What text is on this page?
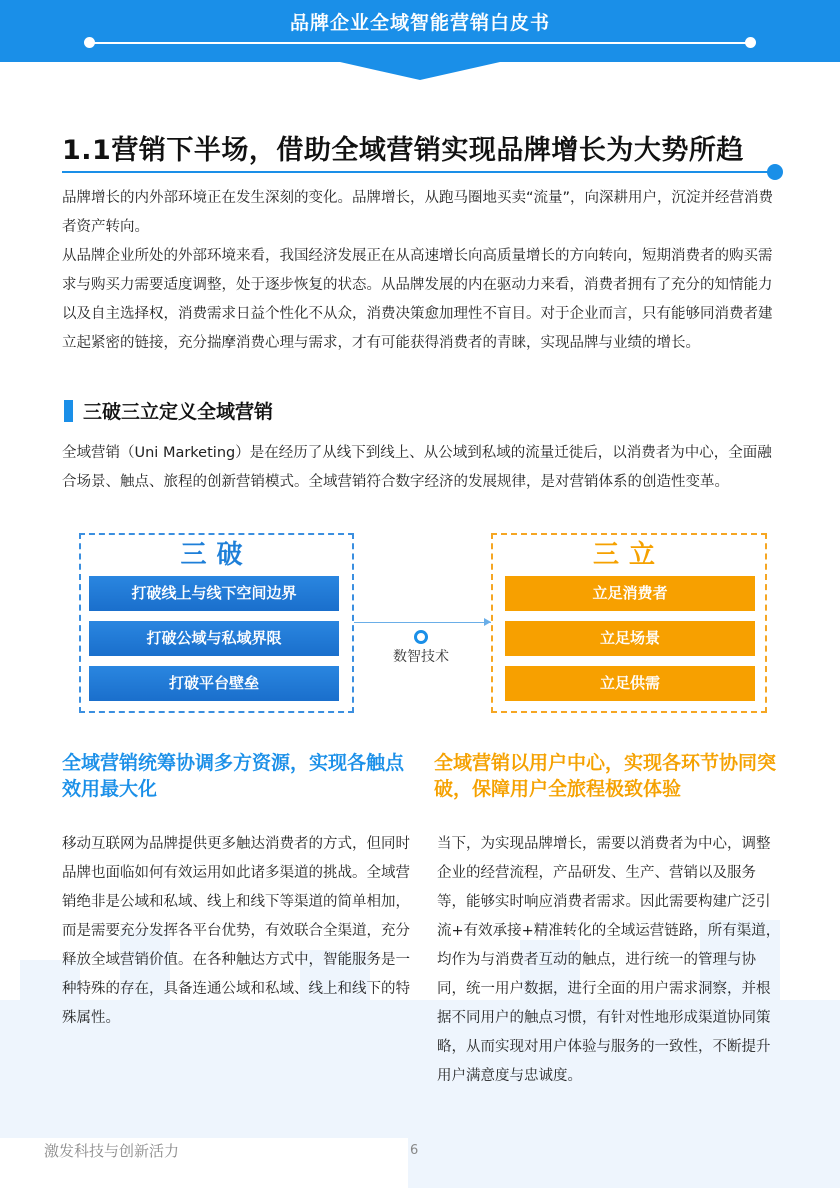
品牌企业全域智能营销白皮书
1.1营销下半场，借助全域营销实现品牌增长为大势所趋
品牌增长的内外部环境正在发生深刻的变化。品牌增长，从跑马圈地买卖“流量”，向深耕用户，沉淀并经营消费者资产转向。
从品牌企业所处的外部环境来看，我国经济发展正在从高速增长向高质量增长的方向转向，短期消费者的购买需求与购买力需要适度调整，处于逐步恢复的状态。从品牌发展的内在驱动力来看，消费者拥有了充分的知情能力以及自主选择权，消费需求日益个性化不从众，消费决策愈加理性不盲目。对于企业而言，只有能够同消费者建立起紧密的链接，充分揣摩消费心理与需求，才有可能获得消费者的青睐，实现品牌与业绩的增长。
三破三立定义全域营销
全域营销（Uni Marketing）是在经历了从线下到线上、从公域到私域的流量迁徙后，以消费者为中心，全面融合场景、触点、旅程的创新营销模式。全域营销符合数字经济的发展规律，是对营销体系的创造性变革。
三破
打破线上与线下空间边界
打破公域与私域界限
打破平台壁垒
数智技术
三立
立足消费者
立足场景
立足供需
全域营销统筹协调多方资源，实现各触点效用最大化
全域营销以用户中心，实现各环节协同突破，保障用户全旅程极致体验
移动互联网为品牌提供更多触达消费者的方式，但同时品牌也面临如何有效运用如此诸多渠道的挑战。全域营销绝非是公域和私域、线上和线下等渠道的简单相加，而是需要充分发挥各平台优势，有效联合全渠道，充分释放全域营销价值。在各种触达方式中，智能服务是一种特殊的存在，具备连通公域和私域、线上和线下的特殊属性。
当下，为实现品牌增长，需要以消费者为中心，调整企业的经营流程，产品研发、生产、营销以及服务等，能够实时响应消费者需求。因此需要构建广泛引流+有效承接+精准转化的全域运营链路，所有渠道，均作为与消费者互动的触点，进行统一的管理与协同，统一用户数据，进行全面的用户需求洞察，并根据不同用户的触点习惯，有针对性地形成渠道协同策略，从而实现对用户体验与服务的一致性，不断提升用户满意度与忠诚度。
激发科技与创新活力	6
